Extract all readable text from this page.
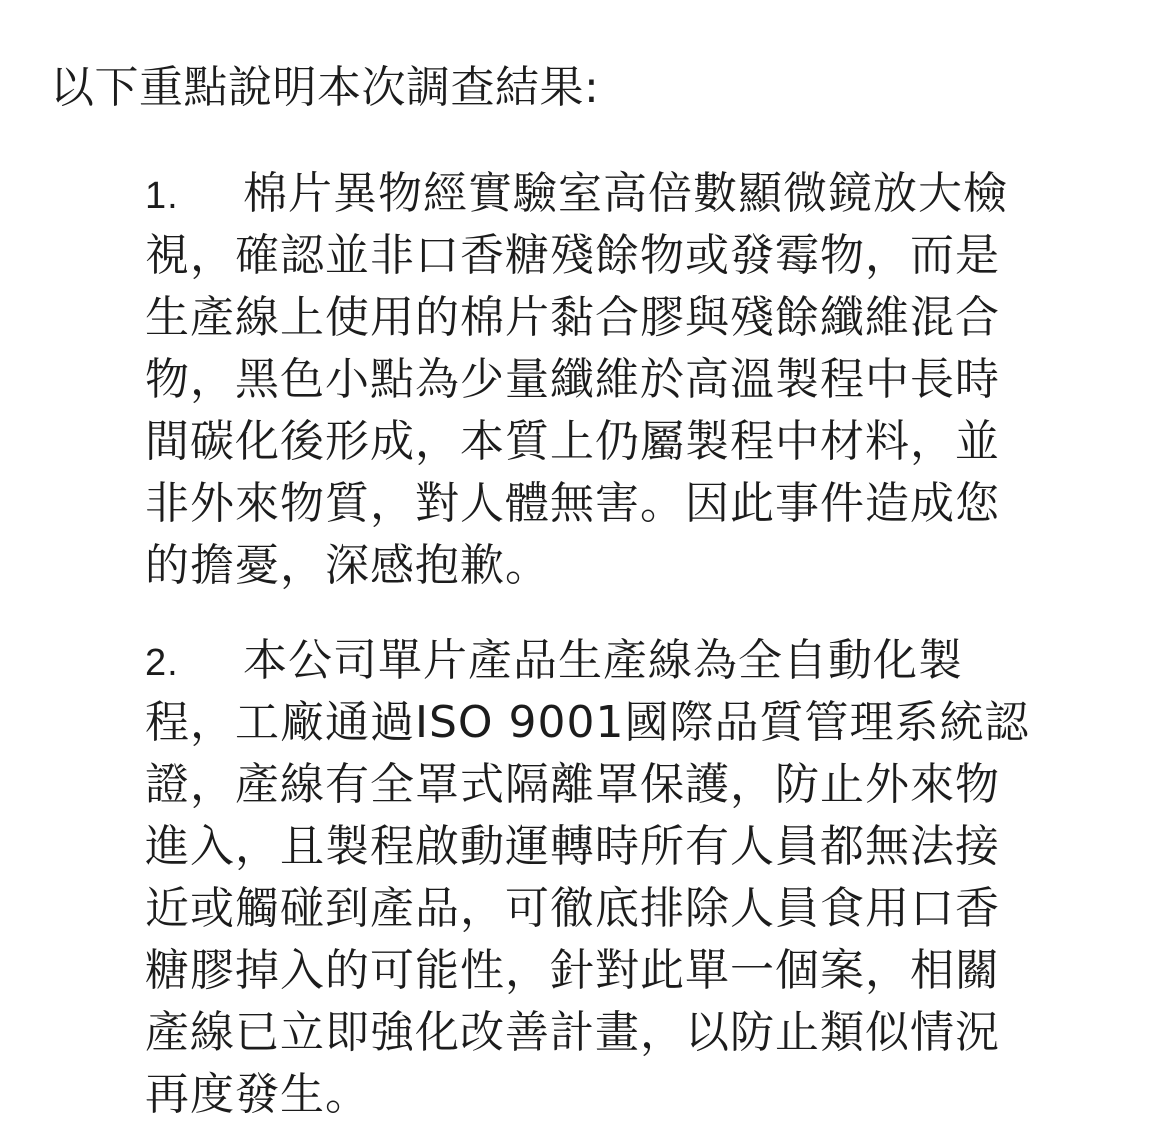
以下重點說明本次調查結果:

1. 棉片異物經實驗室高倍數顯微鏡放大檢
視，確認並非口香糖殘餘物或發霉物，而是
生產線上使用的棉片黏合膠與殘餘纖維混合
物，黑色小點為少量纖維於高溫製程中長時
間碳化後形成，本質上仍屬製程中材料，並
非外來物質，對人體無害。因此事件造成您
的擔憂，深感抱歉。
2. 本公司單片產品生產線為全自動化製
程，工廠通過ISO 9001國際品質管理系統認
證，產線有全罩式隔離罩保護，防止外來物
進入，且製程啟動運轉時所有人員都無法接
近或觸碰到產品，可徹底排除人員食用口香
糖膠掉入的可能性，針對此單一個案，相關
產線已立即強化改善計畫，以防止類似情況
再度發生。
